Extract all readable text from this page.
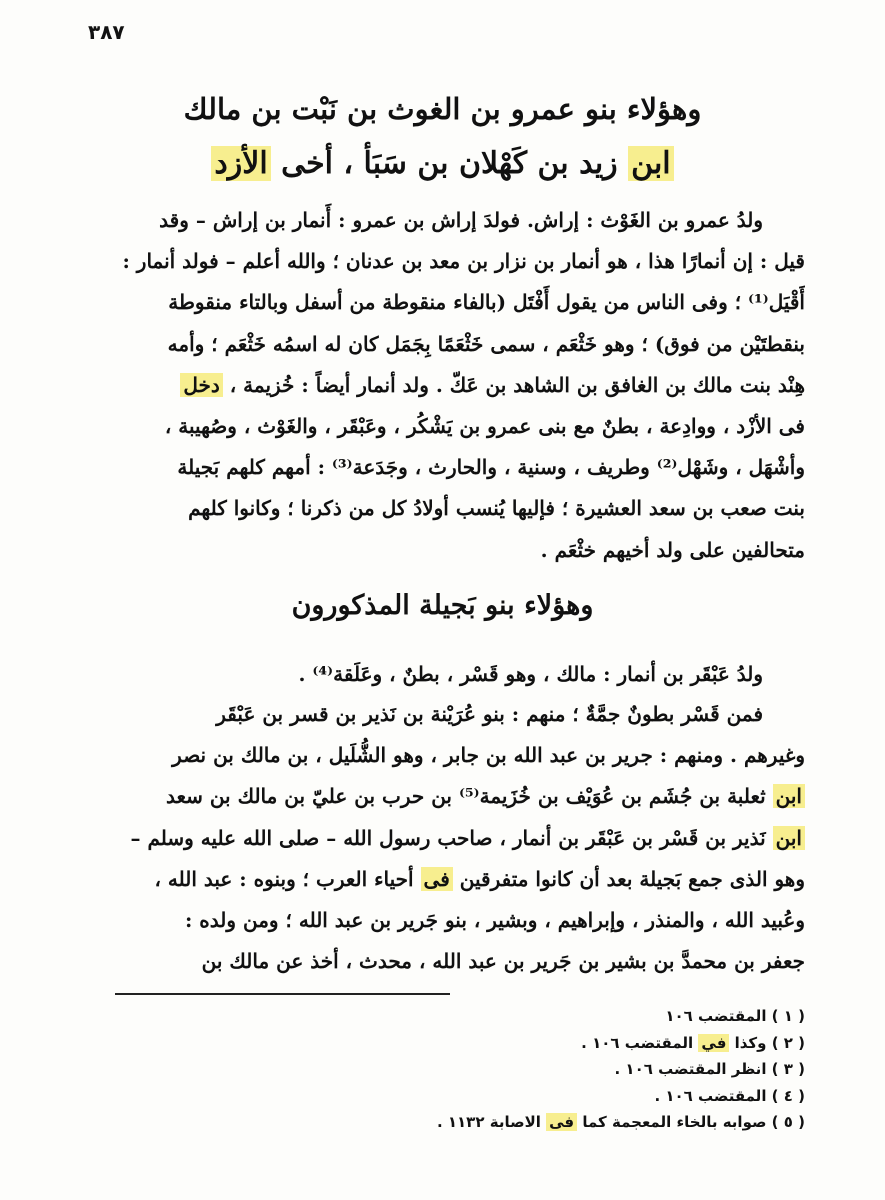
٣٨٧
وهؤلاء بنو عمرو بن الغوث بن نَبْت بن مالك
ابن زيد بن كَهْلان بن سَبَأ ، أخى الأزد
ولدُ عمرو بن الغَوْث : إراش. فولدَ إراش بن عمرو : أَنمار بن إراش – وقد
قيل : إن أنمارًا هذا ، هو أنمار بن نزار بن معد بن عدنان ؛ والله أعلم – فولد أنمار :
أَقْيَل⁽¹⁾ ؛ وفى الناس من يقول أَفْتَل (بالفاء منقوطة من أسفل وبالتاء منقوطة
بنقطتَيْن من فوق) ؛ وهو خَثْعَم ، سمى خَثْعَمًا بِجَمَل كان له اسمُه خَثْعَم ؛ وأمه
هِنْد بنت مالك بن الغافق بن الشاهد بن عَكّ . ولد أنمار أيضاً : خُزيمة ، دخل
فى الأزْد ، ووادِعة ، بطنٌ مع بنى عمرو بن يَشْكُر ، وعَبْقَر ، والغَوْث ، وصُهيبة ،
وأشْهَل ، وشَهْل⁽²⁾ وطريف ، وسنية ، والحارث ، وجَدَعة⁽³⁾ : أمهم كلهم بَجيلة
بنت صعب بن سعد العشيرة ؛ فإليها يُنسب أولادُ كل من ذكرنا ؛ وكانوا كلهم
متحالفين على ولد أخيهم خثْعَم .
وهؤلاء بنو بَجيلة المذكورون
ولدُ عَبْقَر بن أنمار : مالك ، وهو قَسْر ، بطنٌ ، وعَلَقة⁽⁴⁾ .
فمن قَسْر بطونٌ جمَّةٌ ؛ منهم : بنو عُرَيْنة بن نَذير بن قسر بن عَبْقَر
وغيرهم . ومنهم : جرير بن عبد الله بن جابر ، وهو الشُّلَيل ، بن مالك بن نصر
ابن ثعلبة بن جُشَم بن عُوَيْف بن خُزَيمة⁽⁵⁾ بن حرب بن عليّ بن مالك بن سعد
ابن نَذير بن قَسْر بن عَبْقَر بن أنمار ، صاحب رسول الله – صلى الله عليه وسلم –
وهو الذى جمع بَجيلة بعد أن كانوا متفرقين فى أحياء العرب ؛ وبنوه : عبد الله ،
وعُبيد الله ، والمنذر ، وإبراهيم ، وبشير ، بنو جَرير بن عبد الله ؛ ومن ولده :
جعفر بن محمدَّ بن بشير بن جَرير بن عبد الله ، محدث ، أخذ عن مالك بن
( ١ ) المقتضب ١٠٦
( ٢ ) وكذا في المقتضب ١٠٦ .
( ٣ ) انظر المقتضب ١٠٦ .
( ٤ ) المقتضب ١٠٦ .
( ٥ ) صوابه بالخاء المعجمة كما فى الاصابة ١١٣٢ .
